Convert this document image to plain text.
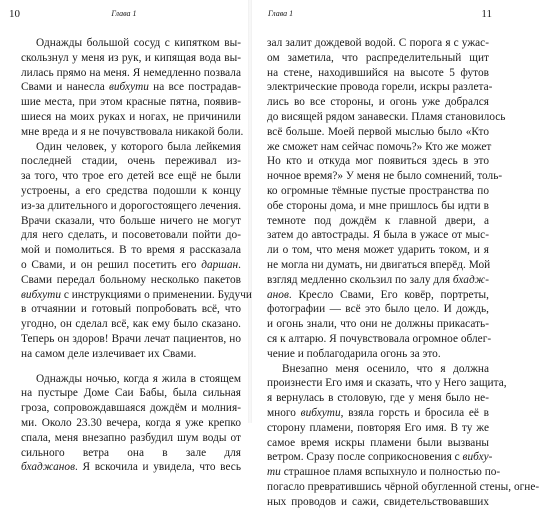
10	Глава 1
Однажды большой сосуд с кипятком вы-
скользнул у меня из рук, и кипящая вода вы-
лилась прямо на меня. Я немедленно позвала
Свами и нанесла вибхути на все пострадав-
шие места, при этом красные пятна, появив-
шиеся на моих руках и ногах, не причинили
мне вреда и я не почувствовала никакой боли.
Один человек, у которого была лейкемия
последней стадии, очень переживал из-
за того, что трое его детей все ещё не были
устроены, а его средства подошли к концу
из-за длительного и дорогостоящего лечения.
Врачи сказали, что больше ничего не могут
для него сделать, и посоветовали пойти до-
мой и помолиться. В то время я рассказала
о Свами, и он решил посетить его даршан.
Свами передал больному несколько пакетов
вибхути с инструкциями о применении. Будучи
в отчаянии и готовый попробовать всё, что
угодно, он сделал всё, как ему было сказано.
Теперь он здоров! Врачи лечат пациентов, но
на самом деле излечивает их Свами.
Однажды ночью, когда я жила в стоящем
на пустыре Доме Саи Бабы, была сильная
гроза, сопровождавшаяся дождём и молния-
ми. Около 23.30 вечера, когда я уже крепко
спала, меня внезапно разбудил шум воды от
сильного ветра она в зале для
бхаджанов. Я вскочила и увидела, что весь
Глава 1	11
зал залит дождевой водой. С порога я с ужас-
ом заметила, что распределительный щит
на стене, находившийся на высоте 5 футов
электрические провода горели, искры разлета-
лись во все стороны, и огонь уже добрался
до висящей рядом занавески. Пламя становилось
всё больше. Моей первой мыслью было «Кто
же сможет нам сейчас помочь?» Кто же может
Но кто и откуда мог появиться здесь в это
ночное время?» У меня не было сомнений, толь-
ко огромные тёмные пустые пространства по
обе стороны дома, и мне пришлось бы идти в
темноте под дождём к главной двери, а
затем до автострады. Я была в ужасе от мыс-
ли о том, что меня может ударить током, и я
не могла ни думать, ни двигаться вперёд. Мой
взгляд медленно скользил по залу для бхадж-
анов. Кресло Свами, Его ковёр, портреты,
фотографии — всё это было цело. И дождь,
и огонь знали, что они не должны прикасать-
ся к алтарю. Я почувствовала огромное облег-
чение и поблагодарила огонь за это.
Внезапно меня осенило, что я должна
произнести Его имя и сказать, что у Него защита,
я вернулась в столовую, где у меня было не-
много вибхути, взяла горсть и бросила её в
сторону пламени, повторяя Его имя. В ту же
самое время искры пламени были вызваны
ветром. Сразу после соприкосновения с вибху-
ти страшное пламя вспыхнуло и полностью по-
погасло превратившись чёрной обугленной стены, огне-
ных проводов и сажи, свидетельствовавших
